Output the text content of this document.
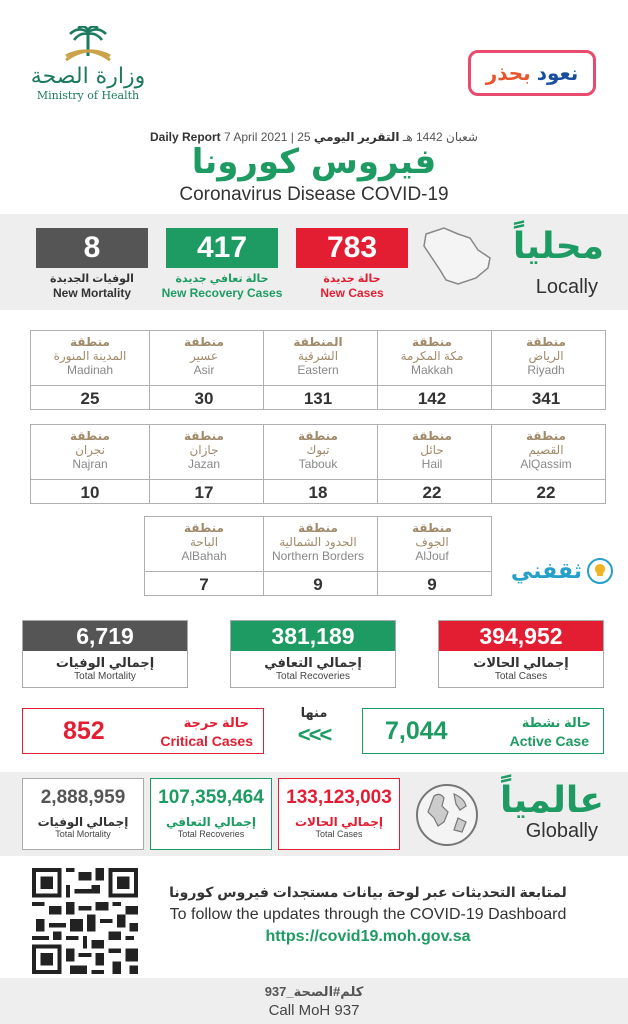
وزارة الصحة
Ministry of Health
نعود
بحذر
Daily Report 7 April 2021 | 25 شعبان 1442 هـ التقرير اليومي
فيروس كورونا
Coronavirus Disease COVID-19
783
حالة جديدة
New Cases
417
حالة تعافي جديدة
New Recovery Cases
8
الوفيات الجديدة
New Mortality
محلياً
Locally
منطقة
الرياض
Riyadh
341
منطقة
مكة المكرمة
Makkah
142
المنطقة
الشرقية
Eastern
131
منطقة
عسير
Asir
30
منطقة
المدينة المنورة
Madinah
25
منطقة
القصيم
AlQassim
22
منطقة
حائل
Hail
22
منطقة
تبوك
Tabouk
18
منطقة
جازان
Jazan
17
منطقة
نجران
Najran
10
منطقة
الجوف
AlJouf
9
منطقة
الحدود الشمالية
Northern Borders
9
منطقة
الباحة
AlBahah
7
ثقفني
394,952
إجمالي الحالات
Total Cases
381,189
إجمالي التعافي
Total Recoveries
6,719
إجمالي الوفيات
Total Mortality
7,044	حالة نشطة
Active Case
852	حالة حرجة
Critical Cases
منها
<<<
133,123,003
إجمالي الحالات
Total Cases
107,359,464
إجمالي التعافي
Total Recoveries
2,888,959
إجمالي الوفيات
Total Mortality
عالمياً
Globally
لمتابعة التحديثات عبر لوحة بيانات مستجدات فيروس كورونا
To follow the updates through the COVID-19 Dashboard
https://covid19.moh.gov.sa
كلم#الصحة_937
Call MoH 937
